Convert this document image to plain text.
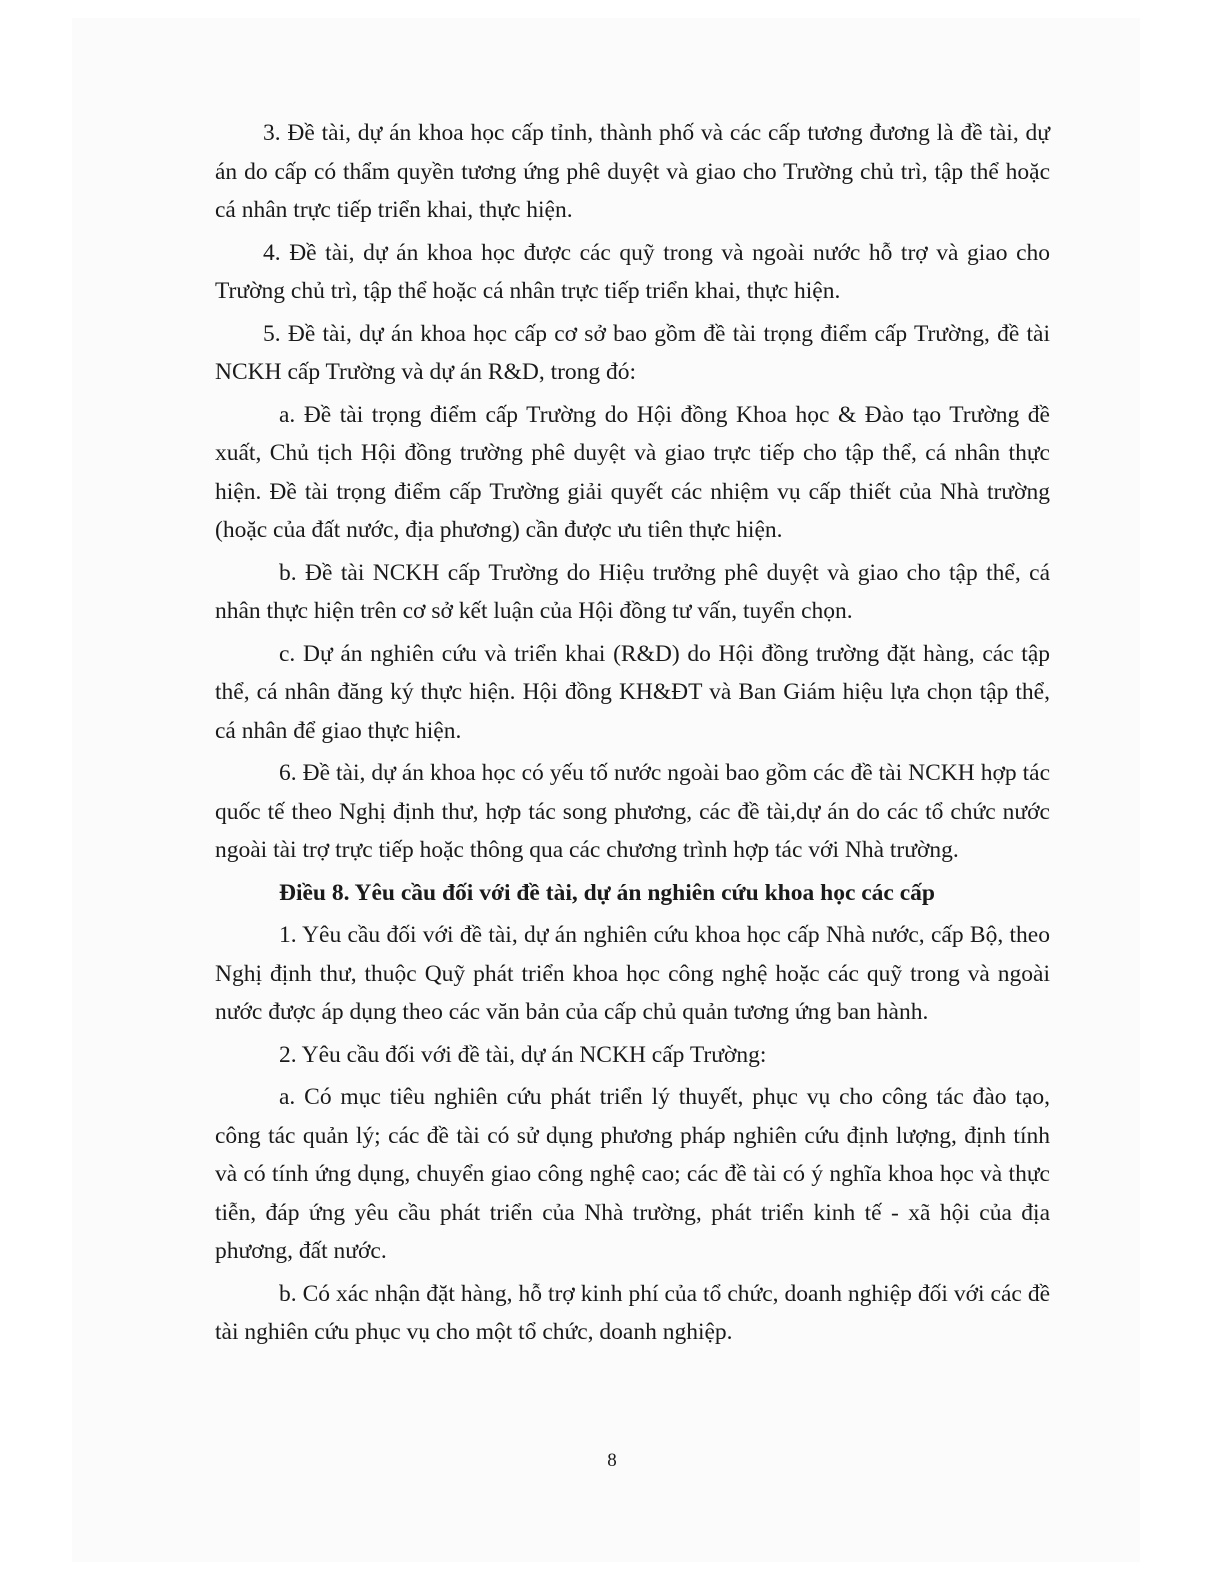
3. Đề tài, dự án khoa học cấp tỉnh, thành phố và các cấp tương đương là đề tài, dự án do cấp có thẩm quyền tương ứng phê duyệt và giao cho Trường chủ trì, tập thể hoặc cá nhân trực tiếp triển khai, thực hiện.

4. Đề tài, dự án khoa học được các quỹ trong và ngoài nước hỗ trợ và giao cho Trường chủ trì, tập thể hoặc cá nhân trực tiếp triển khai, thực hiện.

5. Đề tài, dự án khoa học cấp cơ sở bao gồm đề tài trọng điểm cấp Trường, đề tài NCKH cấp Trường và dự án R&D, trong đó:

a. Đề tài trọng điểm cấp Trường do Hội đồng Khoa học & Đào tạo Trường đề xuất, Chủ tịch Hội đồng trường phê duyệt và giao trực tiếp cho tập thể, cá nhân thực hiện. Đề tài trọng điểm cấp Trường giải quyết các nhiệm vụ cấp thiết của Nhà trường (hoặc của đất nước, địa phương) cần được ưu tiên thực hiện.

b. Đề tài NCKH cấp Trường do Hiệu trưởng phê duyệt và giao cho tập thể, cá nhân thực hiện trên cơ sở kết luận của Hội đồng tư vấn, tuyển chọn.

c. Dự án nghiên cứu và triển khai (R&D) do Hội đồng trường đặt hàng, các tập thể, cá nhân đăng ký thực hiện. Hội đồng KH&ĐT và Ban Giám hiệu lựa chọn tập thể, cá nhân để giao thực hiện.

6. Đề tài, dự án khoa học có yếu tố nước ngoài bao gồm các đề tài NCKH hợp tác quốc tế theo Nghị định thư, hợp tác song phương, các đề tài,dự án do các tổ chức nước ngoài tài trợ trực tiếp hoặc thông qua các chương trình hợp tác với Nhà trường.

Điều 8. Yêu cầu đối với đề tài, dự án nghiên cứu khoa học các cấp

1. Yêu cầu đối với đề tài, dự án nghiên cứu khoa học cấp Nhà nước, cấp Bộ, theo Nghị định thư, thuộc Quỹ phát triển khoa học công nghệ hoặc các quỹ trong và ngoài nước được áp dụng theo các văn bản của cấp chủ quản tương ứng ban hành.

2. Yêu cầu đối với đề tài, dự án NCKH cấp Trường:

a. Có mục tiêu nghiên cứu phát triển lý thuyết, phục vụ cho công tác đào tạo, công tác quản lý; các đề tài có sử dụng phương pháp nghiên cứu định lượng, định tính và có tính ứng dụng, chuyển giao công nghệ cao; các đề tài có ý nghĩa khoa học và thực tiễn, đáp ứng yêu cầu phát triển của Nhà trường, phát triển kinh tế - xã hội của địa phương, đất nước.

b. Có xác nhận đặt hàng, hỗ trợ kinh phí của tổ chức, doanh nghiệp đối với các đề tài nghiên cứu phục vụ cho một tổ chức, doanh nghiệp.

8
